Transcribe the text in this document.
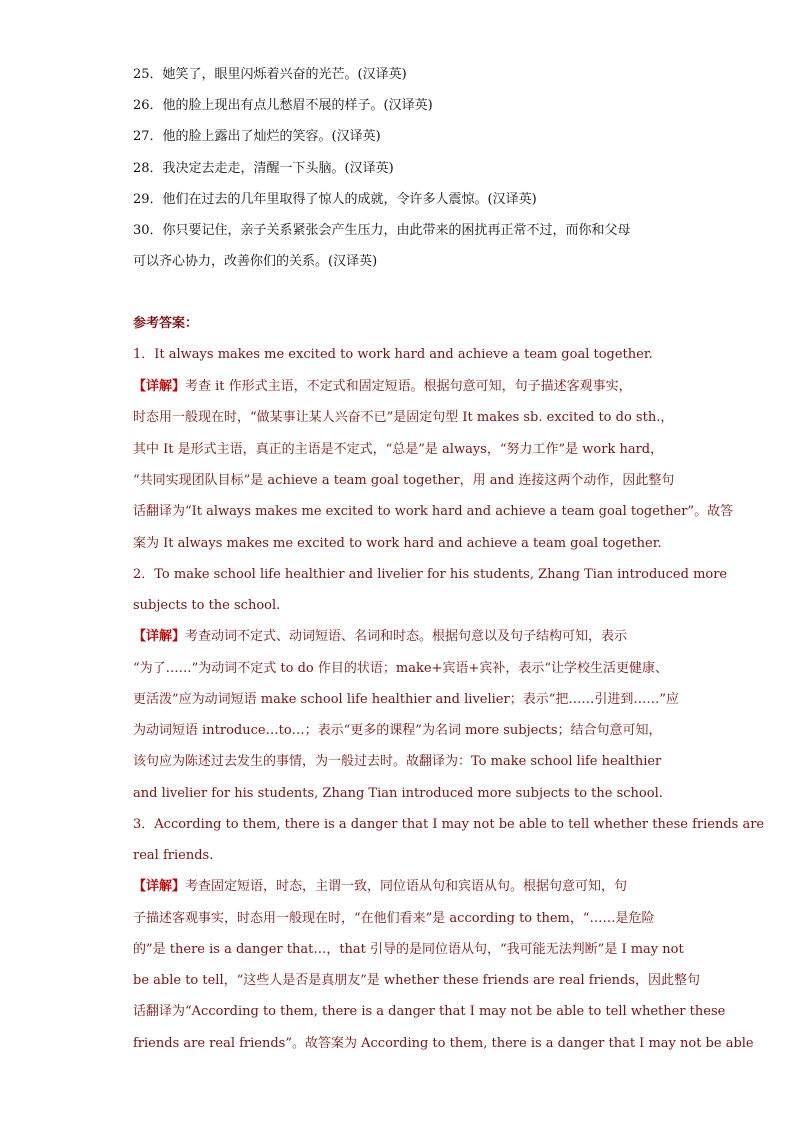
25．她笑了，眼里闪烁着兴奋的光芒。(汉译英)

26．他的脸上现出有点儿愁眉不展的样子。(汉译英)

27．他的脸上露出了灿烂的笑容。(汉译英)

28．我决定去走走，清醒一下头脑。(汉译英)

29．他们在过去的几年里取得了惊人的成就，令许多人震惊。(汉译英)

30．你只要记住，亲子关系紧张会产生压力，由此带来的困扰再正常不过，而你和父母

可以齐心协力，改善你们的关系。(汉译英)

参考答案：

1．It always makes me excited to work hard and achieve a team goal together.

【详解】考查 it 作形式主语，不定式和固定短语。根据句意可知，句子描述客观事实，

时态用一般现在时，“做某事让某人兴奋不已”是固定句型 It makes sb. excited to do sth.，

其中 It 是形式主语，真正的主语是不定式，“总是”是 always，“努力工作”是 work hard，

“共同实现团队目标”是 achieve a team goal together，用 and 连接这两个动作，因此整句

话翻译为“It always makes me excited to work hard and achieve a team goal together”。故答

案为 It always makes me excited to work hard and achieve a team goal together.

2．To make school life healthier and livelier for his students, Zhang Tian introduced more

subjects to the school.

【详解】考查动词不定式、动词短语、名词和时态。根据句意以及句子结构可知，表示

“为了……”为动词不定式 to do 作目的状语；make+宾语+宾补，表示“让学校生活更健康、

更活泼”应为动词短语 make school life healthier and livelier；表示“把……引进到……”应

为动词短语 introduce…to…；表示“更多的课程”为名词 more subjects；结合句意可知，

该句应为陈述过去发生的事情，为一般过去时。故翻译为：To make school life healthier

and livelier for his students, Zhang Tian introduced more subjects to the school.

3．According to them, there is a danger that I may not be able to tell whether these friends are

real friends.

【详解】考查固定短语，时态，主谓一致，同位语从句和宾语从句。根据句意可知，句

子描述客观事实，时态用一般现在时，“在他们看来”是 according to them，“……是危险

的”是 there is a danger that…，that 引导的是同位语从句，“我可能无法判断”是 I may not

be able to tell，“这些人是否是真朋友”是 whether these friends are real friends，因此整句

话翻译为“According to them, there is a danger that I may not be able to tell whether these

friends are real friends”。故答案为 According to them, there is a danger that I may not be able
